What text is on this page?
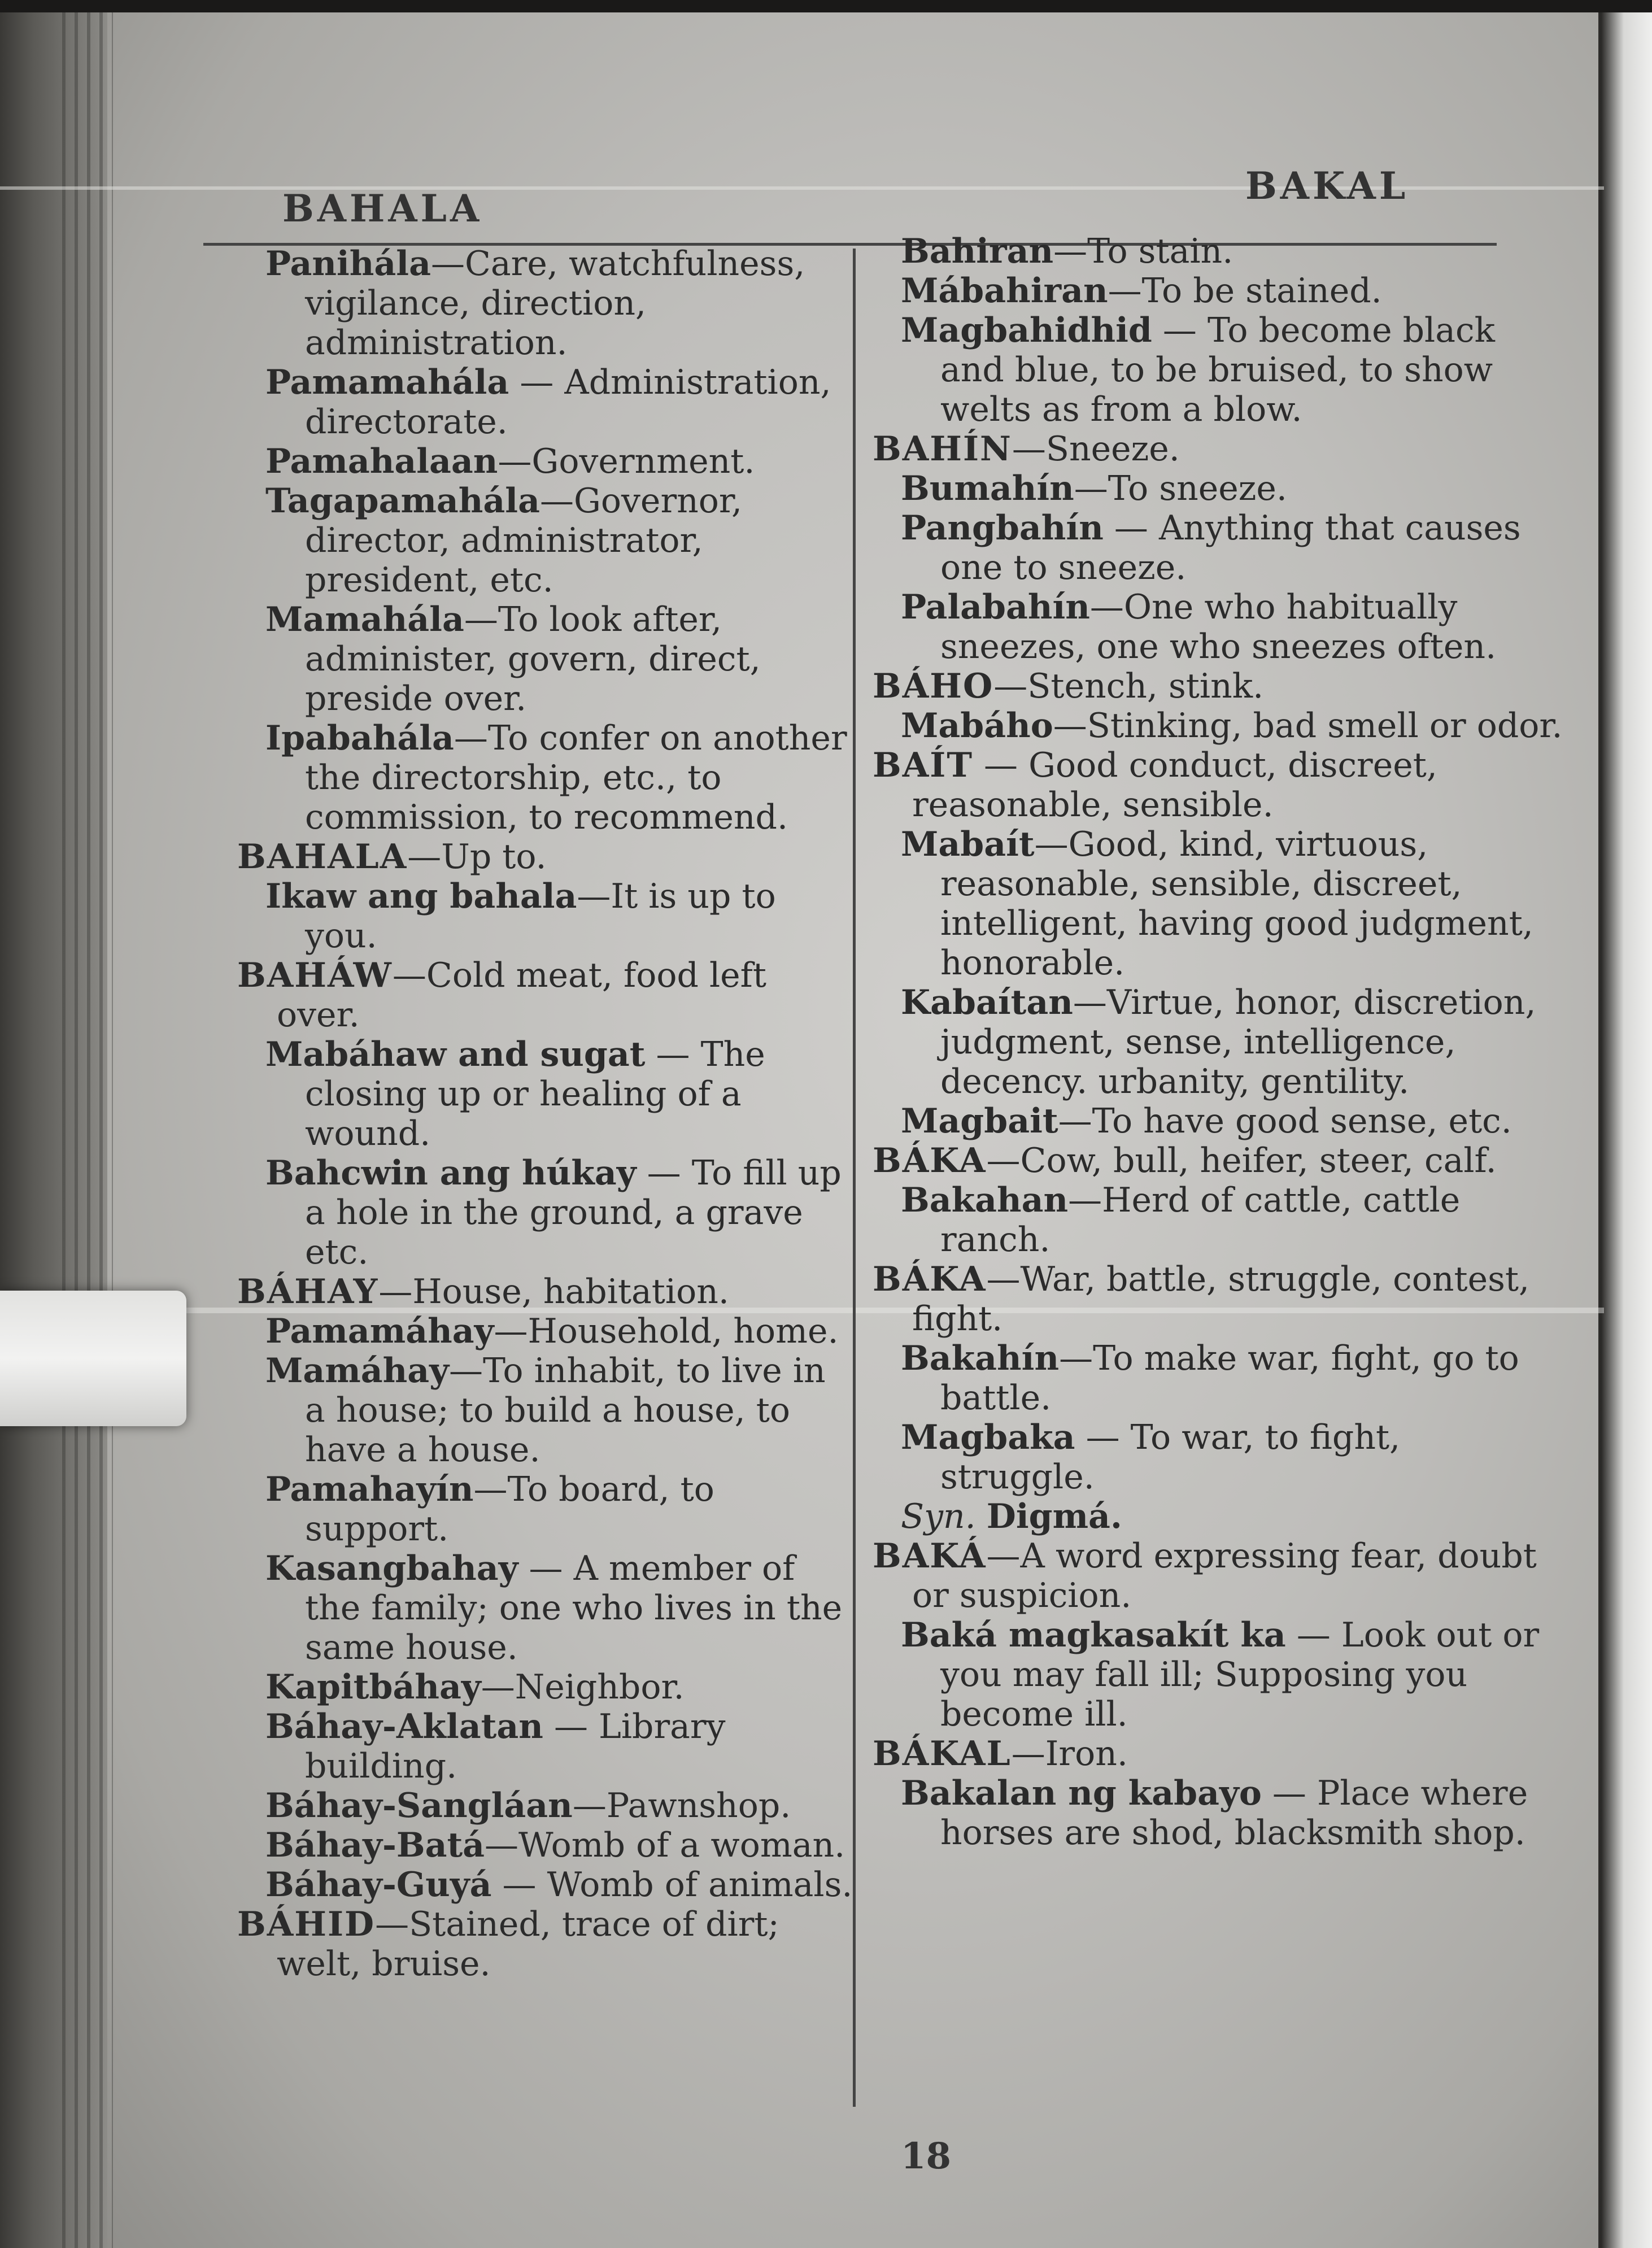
BAHALA
BAKAL

Panihála—Care, watchfulness, vigilance, direction, administration.

Pamamahála — Administration, directorate.

Pamahalaan—Government.

Tagapamahála—Governor, director, administrator, president, etc.

Mamahála—To look after, administer, govern, direct, preside over.

Ipabahála—To confer on another the directorship, etc., to commission, to recommend.

BAHALA—Up to.

Ikaw ang bahala—It is up to you.

BAHÁW—Cold meat, food left over.

Mabáhaw and sugat — The closing up or healing of a wound.

Bahcwin ang húkay — To fill up a hole in the ground, a grave etc.

BÁHAY—House, habitation.

Pamamáhay—Household, home.

Mamáhay—To inhabit, to live in a house; to build a house, to have a house.

Pamahayín—To board, to support.

Kasangbahay — A member of the family; one who lives in the same house.

Kapitbáhay—Neighbor.

Báhay-Aklatan — Library building.

Báhay-Sangláan—Pawnshop.

Báhay-Batá—Womb of a woman.

Báhay-Guyá — Womb of animals.

BÁHID—Stained, trace of dirt; welt, bruise.

Bahiran—To stain.

Mábahiran—To be stained.

Magbahidhid — To become black and blue, to be bruised, to show welts as from a blow.

BAHÍN—Sneeze.

Bumahín—To sneeze.

Pangbahín — Anything that causes one to sneeze.

Palabahín—One who habitually sneezes, one who sneezes often.

BÁHO—Stench, stink.

Mabáho—Stinking, bad smell or odor.

BAÍT — Good conduct, discreet, reasonable, sensible.

Mabaít—Good, kind, virtuous, reasonable, sensible, discreet, intelligent, having good judgment, honorable.

Kabaítan—Virtue, honor, discretion, judgment, sense, intelligence, decency. urbanity, gentility.

Magbait—To have good sense, etc.

BÁKA—Cow, bull, heifer, steer, calf.

Bakahan—Herd of cattle, cattle ranch.

BÁKA—War, battle, struggle, contest, fight.

Bakahín—To make war, fight, go to battle.

Magbaka — To war, to fight, struggle.

Syn. Digmá.

BAKÁ—A word expressing fear, doubt or suspicion.

Baká magkasakít ka — Look out or you may fall ill; Supposing you become ill.

BÁKAL—Iron.

Bakalan ng kabayo — Place where horses are shod, blacksmith shop.

18
